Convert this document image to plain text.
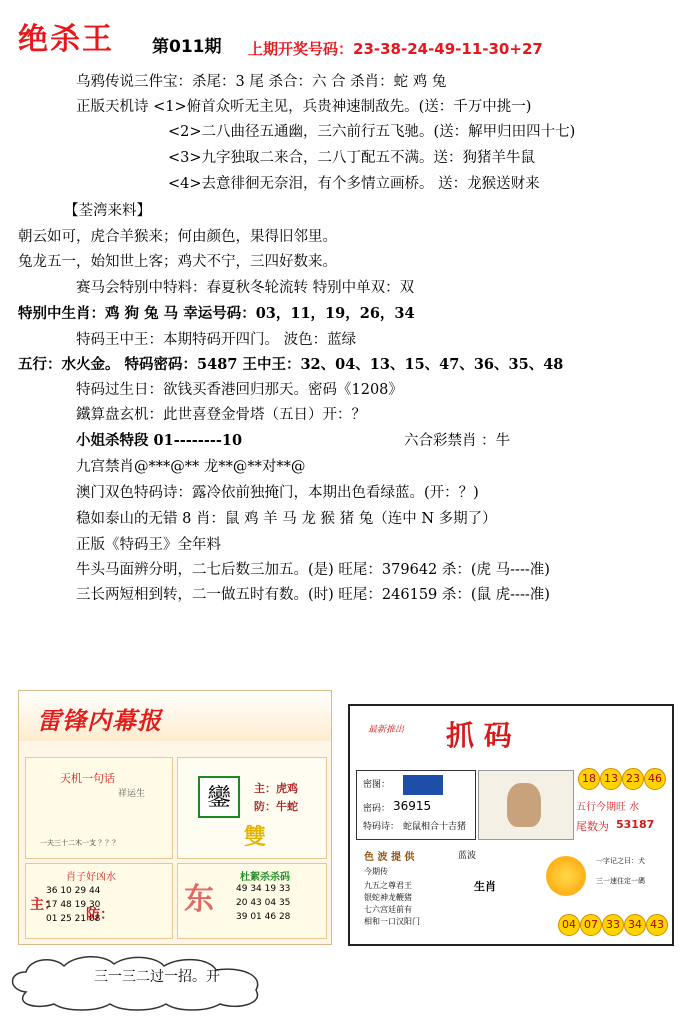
绝杀王 第011期 上期开奖号码：23-38-24-49-11-30+27
乌鸦传说三件宝：杀尾：3 尾 杀合：六 合 杀肖：蛇 鸡 兔
正版天机诗 <1>俯首众听无主见，兵贵神速制敌先。(送：千万中挑一)
<2>二八曲径五通幽，三六前行五飞驰。(送：解甲归田四十七)
<3>九字独取二来合，二八丁配五不满。送：狗猪羊牛鼠
<4>去意徘徊无奈泪，有个多情立画桥。 送：龙猴送财来
【荃湾来料】
朝云如可，虎合羊猴来；何由颜色，果得旧邻里。
兔龙五一，始知世上客；鸡犬不宁，三四好数来。
赛马会特别中特料：春夏秋冬轮流转 特别中单双：双
特别中生肖：鸡 狗 兔 马 幸运号码：03，11，19，26，34
特码王中王：本期特码开四门。 波色：蓝绿
五行：水火金。 特码密码：5487 王中王：32、04、13、15、47、36、35、48
特码过生日：欲钱买香港回归那天。密码《1208》
鐵算盘玄机：此世喜登金骨塔（五日）开：？
小姐杀特段 01--------10	六合彩禁肖 ：牛
九宫禁肖@***@** 龙**@**对**@
澳门双色特码诗：露冷依前独掩门，本期出色看绿蓝。(开：？)
稳如泰山的无错 8 肖：鼠 鸡 羊 马 龙 猴 猪 兔（连中 N 多期了）
正版《特码王》全年料
牛头马面辨分明，二七后数三加五。(是) 旺尾：379642 杀：(虎 马----准)
三长两短相到转，二一做五时有数。(时) 旺尾：246159 杀：(鼠 虎----准)
雷锋内幕报
天机一句话
祥运生
一夫三十二木一支 ？？？
鑾	主：虎鸡
防：牛蛇
雙
肖子好凶水
主：
防：
36 10 29 44
17 48 19 30
01 25 21 08
东
杜絮杀杀码
49 34 19 33
20 43 04 35
39 01 46 28
最新推出 抓 码
密图：
密码： 36915
特码诗： 蛇鼠相合十吉猪
18 13 23 46
五行今期旺 水
尾数为 53187
色 波 提 供	蓝波
今期传
九五之尊君王
银蛇神龙鞭猪
七六宫廷前有
相和一口汉阳门
生肖
一字记之曰：犬
三一速住定一碼
04 07 33 34 43
三一三二过一招。开
